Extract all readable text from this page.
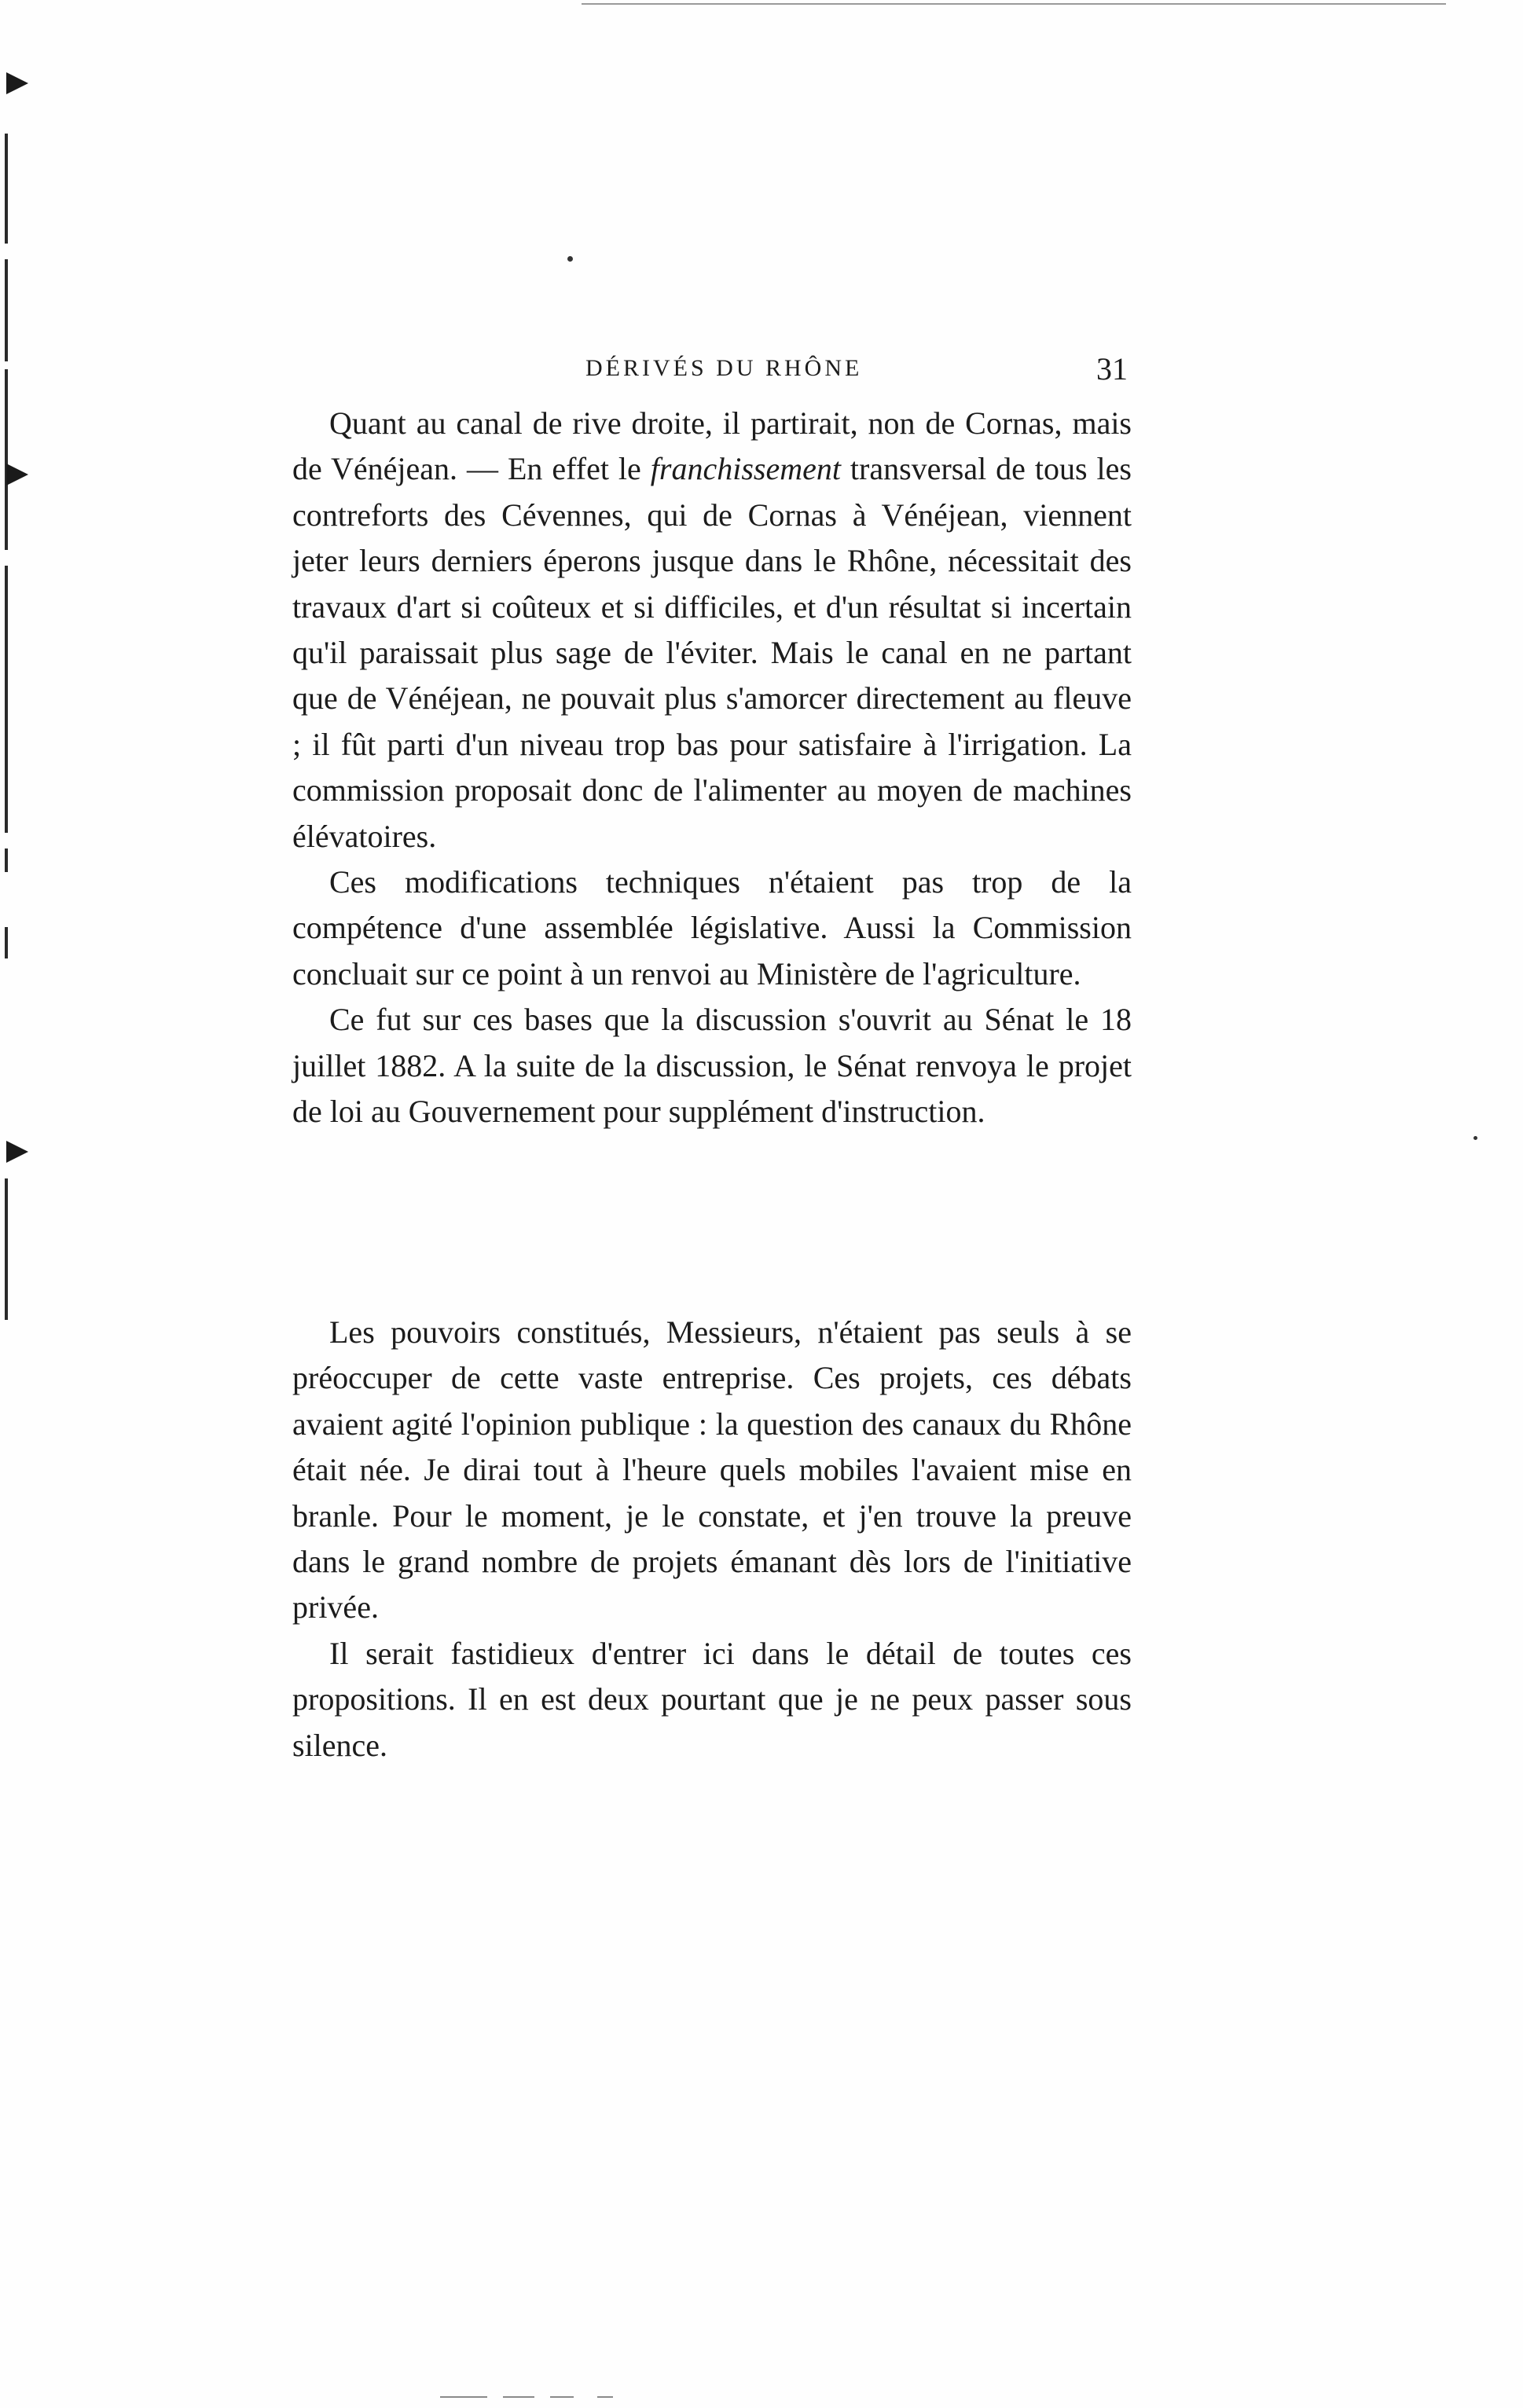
DÉRIVÉS DU RHÔNE	31

Quant au canal de rive droite, il partirait, non de Cornas, mais de Vénéjean. — En effet le franchissement transversal de tous les contreforts des Cévennes, qui de Cornas à Vénéjean, viennent jeter leurs derniers éperons jusque dans le Rhône, nécessitait des travaux d'art si coûteux et si difficiles, et d'un résultat si incertain qu'il paraissait plus sage de l'éviter. Mais le canal en ne partant que de Vénéjean, ne pouvait plus s'amorcer directement au fleuve ; il fût parti d'un niveau trop bas pour satisfaire à l'irrigation. La commission proposait donc de l'alimenter au moyen de machines élévatoires.

Ces modifications techniques n'étaient pas trop de la compétence d'une assemblée législative. Aussi la Commission concluait sur ce point à un renvoi au Ministère de l'agriculture.

Ce fut sur ces bases que la discussion s'ouvrit au Sénat le 18 juillet 1882. A la suite de la discussion, le Sénat renvoya le projet de loi au Gouvernement pour supplément d'instruction.

Les pouvoirs constitués, Messieurs, n'étaient pas seuls à se préoccuper de cette vaste entreprise. Ces projets, ces débats avaient agité l'opinion publique : la question des canaux du Rhône était née. Je dirai tout à l'heure quels mobiles l'avaient mise en branle. Pour le moment, je le constate, et j'en trouve la preuve dans le grand nombre de projets émanant dès lors de l'initiative privée.

Il serait fastidieux d'entrer ici dans le détail de toutes ces propositions. Il en est deux pourtant que je ne peux passer sous silence.
